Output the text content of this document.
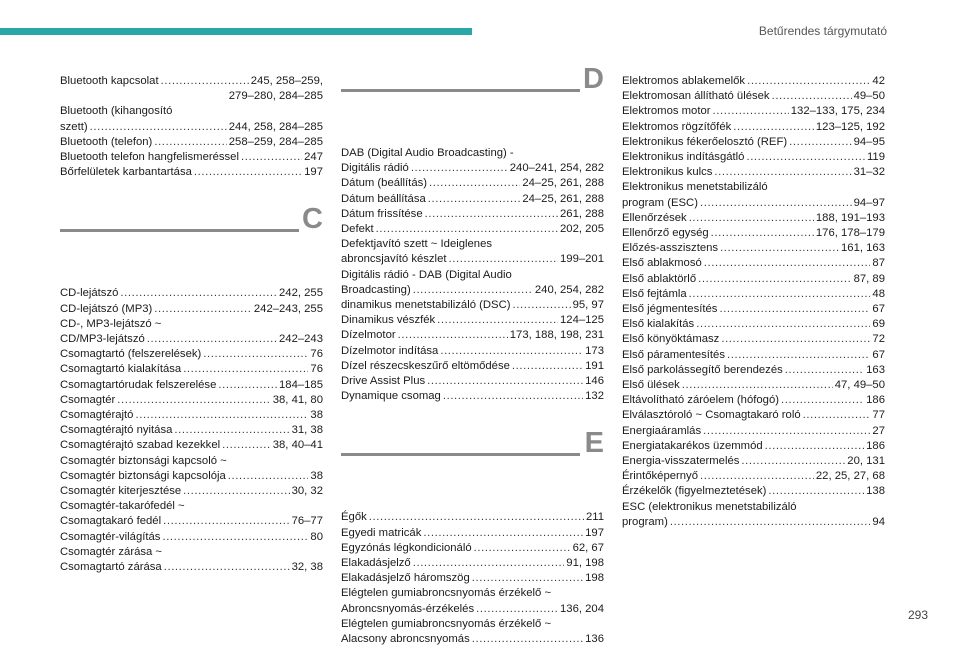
Betűrendes tárgymutató
Bluetooth kapcsolat .....	245, 258–259,
279–280, 284–285
Bluetooth (kihangosító
szett) .....	244, 258, 284–285
Bluetooth (telefon) .....	258–259, 284–285
Bluetooth telefon hangfelismeréssel .....	247
Bőrfelületek karbantartása .....	197
C
CD-lejátszó .....	242, 255
CD-lejátszó (MP3) .....	242–243, 255
CD-, MP3-lejátszó ~
CD/MP3-lejátszó .....	242–243
Csomagtartó (felszerelések) .....	76
Csomagtartó kialakítása .....	76
Csomagtartórudak felszerelése .....	184–185
Csomagtér .....	38, 41, 80
Csomagtérajtó .....	38
Csomagtérajtó nyitása .....	31, 38
Csomagtérajtó szabad kezekkel .....	38, 40–41
Csomagtér biztonsági kapcsoló ~
Csomagtér biztonsági kapcsolója .....	38
Csomagtér kiterjesztése .....	30, 32
Csomagtér-takarófedél ~
Csomagtakaró fedél .....	76–77
Csomagtér-világítás .....	80
Csomagtér zárása ~
Csomagtartó zárása .....	32, 38
D
DAB (Digital Audio Broadcasting) -
Digitális rádió .....	240–241, 254, 282
Dátum (beállítás) .....	24–25, 261, 288
Dátum beállítása .....	24–25, 261, 288
Dátum frissítése .....	261, 288
Defekt .....	202, 205
Defektjavító szett ~ Ideiglenes
abroncsjavító készlet .....	199–201
Digitális rádió - DAB (Digital Audio
Broadcasting) .....	240, 254, 282
dinamikus menetstabilizáló (DSC) .....	95, 97
Dinamikus vészfék .....	124–125
Dízelmotor .....	173, 188, 198, 231
Dízelmotor indítása .....	173
Dízel részecskeszűrő eltömődése .....	191
Drive Assist Plus .....	146
Dynamique csomag .....	132
E
Égők .....	211
Egyedi matricák .....	197
Egyzónás légkondicionáló .....	62, 67
Elakadásjelző .....	91, 198
Elakadásjelző háromszög .....	198
Elégtelen gumiabroncsnyomás érzékelő ~
Abroncsnyomás-érzékelés .....	136, 204
Elégtelen gumiabroncsnyomás érzékelő ~
Alacsony abroncsnyomás .....	136
Elektromos ablakemelők .....	42
Elektromosan állítható ülések .....	49–50
Elektromos motor .....	132–133, 175, 234
Elektromos rögzítőfék .....	123–125, 192
Elektronikus fékerőelosztó (REF) .....	94–95
Elektronikus indításgátló .....	119
Elektronikus kulcs .....	31–32
Elektronikus menetstabilizáló
program (ESC) .....	94–97
Ellenőrzések .....	188, 191–193
Ellenőrző egység .....	176, 178–179
Előzés-asszisztens .....	161, 163
Első ablakmosó .....	87
Első ablaktörlő .....	87, 89
Első fejtámla .....	48
Első jégmentesítés .....	67
Első kialakítás .....	69
Első könyöktámasz .....	72
Első páramentesítés .....	67
Első parkolássegítő berendezés .....	163
Első ülések .....	47, 49–50
Eltávolítható záróelem (hófogó) .....	186
Elválasztóroló ~ Csomagtakaró roló .....	77
Energiaáramlás .....	27
Energiatakarékos üzemmód .....	186
Energia-visszatermelés .....	20, 131
Érintőképernyő .....	22, 25, 27, 68
Érzékelők (figyelmeztetések) .....	138
ESC (elektronikus menetstabilizáló
program) .....	94
293
